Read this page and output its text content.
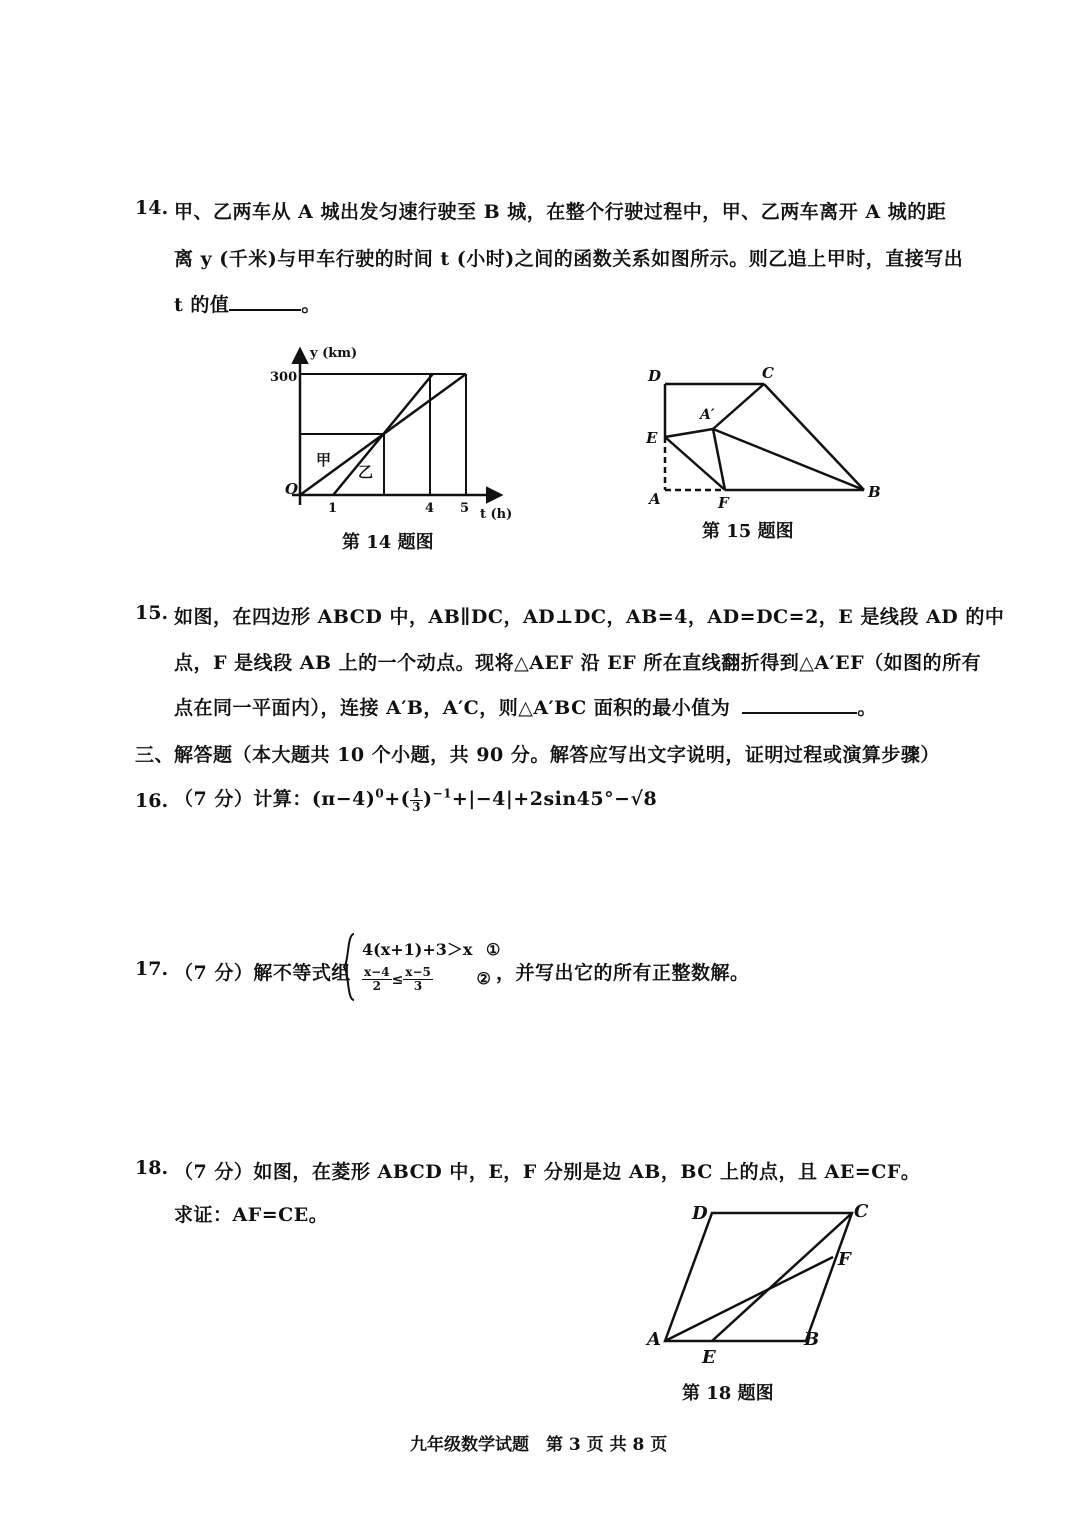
14. 甲、乙两车从 A 城出发匀速行驶至 B 城，在整个行驶过程中，甲、乙两车离开 A 城的距
离 y (千米)与甲车行驶的时间 t (小时)之间的函数关系如图所示。则乙追上甲时，直接写出
t 的值	。
y (km)
t (h)
O
300
1	4 5
甲
乙
第 14 题图
D	C
A′
E
A	F
B
第 15 题图
15. 如图，在四边形 ABCD 中，AB∥DC，AD⊥DC，AB=4，AD=DC=2，E 是线段 AD 的中
点，F 是线段 AB 上的一个动点。现将△AEF 沿 EF 所在直线翻折得到△A′EF（如图的所有
点在同一平面内），连接 A′B，A′C，则△A′BC 面积的最小值为	。
三、解答题（本大题共 10 个小题，共 90 分。解答应写出文字说明，证明过程或演算步骤）
16. （7 分）计算：$(\pi-4)^0+( \frac{1}{3} )^{-1}+|-4|+2\sin 45^\circ-√8$
17. （7 分）解不等式组
4(x+1)+3＞x ①
$\frac{x-4}{2} \le \frac{x-5}{3}$	② ，并写出它的所有正整数解。
18. （7 分）如图，在菱形 ABCD 中，E，F 分别是边 AB，BC 上的点，且 AE=CF。
求证：AF=CE。	D	C
F
A
E
B
第 18 题图
九年级数学试题　第 3 页 共 8 页
